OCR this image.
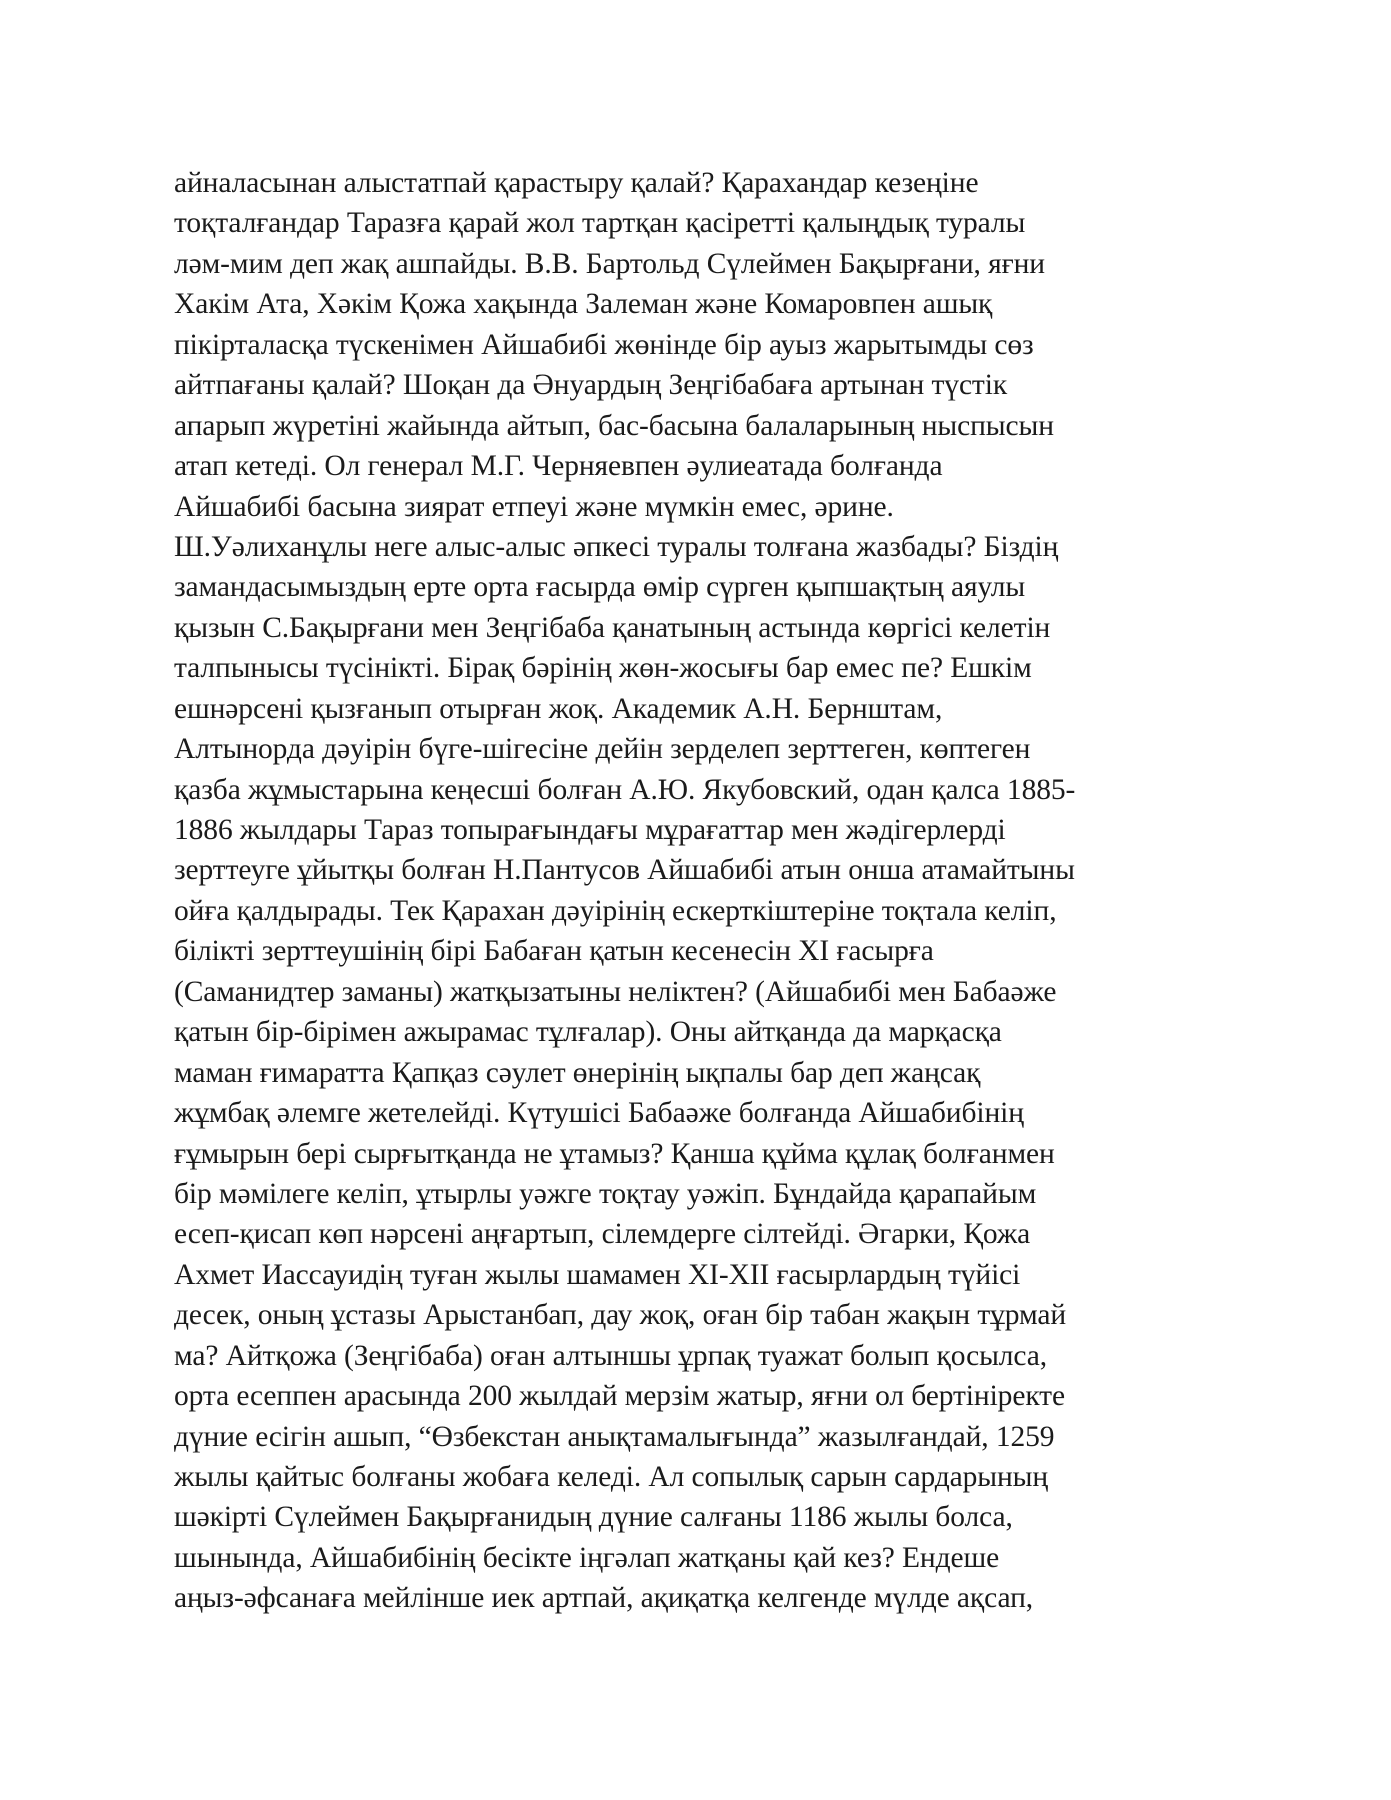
айналасынан алыстатпай қарастыру қалай? Қарахандар кезеңіне
тоқталғандар Таразға қарай жол тартқан қасіретті қалыңдық туралы
ләм-мим деп жақ ашпайды. В.В. Бартольд Сүлеймен Бақырғани, яғни
Хакім Ата, Хәкім Қожа хақында Залеман және Комаровпен ашық
пікірталасқа түскенімен Айшабибі жөнінде бір ауыз жарытымды сөз
айтпағаны қалай? Шоқан да Әнуардың Зеңгібабаға артынан түстік
апарып жүретіні жайында айтып, бас-басына балаларының ныспысын
атап кетеді. Ол генерал М.Г. Черняевпен әулиеатада болғанда
Айшабибі басына зиярат етпеуі және мүмкін емес, әрине.
Ш.Уәлиханұлы неге алыс-алыс әпкесі туралы толғана жазбады? Біздің
замандасымыздың ерте орта ғасырда өмір сүрген қыпшақтың аяулы
қызын С.Бақырғани мен Зеңгібаба қанатының астында көргісі келетін
талпынысы түсінікті. Бірақ бәрінің жөн-жосығы бар емес пе? Ешкім
ешнәрсені қызғанып отырған жоқ. Академик А.Н. Бернштам,
Алтынорда дәуірін бүге-шігесіне дейін зерделеп зерттеген, көптеген
қазба жұмыстарына кеңесші болған А.Ю. Якубовский, одан қалса 1885-
1886 жылдары Тараз топырағындағы мұрағаттар мен жәдігерлерді
зерттеуге ұйытқы болған Н.Пантусов Айшабибі атын онша атамайтыны
ойға қалдырады. Тек Қарахан дәуірінің ескерткіштеріне тоқтала келіп,
білікті зерттеушінің бірі Бабаған қатын кесенесін XI ғасырға
(Саманидтер заманы) жатқызатыны неліктен? (Айшабибі мен Бабаәже
қатын бір-бірімен ажырамас тұлғалар). Оны айтқанда да марқасқа
маман ғимаратта Қапқаз сәулет өнерінің ықпалы бар деп жаңсақ
жұмбақ әлемге жетелейді. Күтушісі Бабаәже болғанда Айшабибінің
ғұмырын бері сырғытқанда не ұтамыз? Қанша құйма құлақ болғанмен
бір мәмілеге келіп, ұтырлы уәжге тоқтау уәжіп. Бұндайда қарапайым
есеп-қисап көп нәрсені аңғартып, сілемдерге сілтейді. Әгарки, Қожа
Ахмет Иассауидің туған жылы шамамен XI-XII ғасырлардың түйісі
десек, оның ұстазы Арыстанбап, дау жоқ, оған бір табан жақын тұрмай
ма? Айтқожа (Зеңгібаба) оған алтыншы ұрпақ туажат болып қосылса,
орта есеппен арасында 200 жылдай мерзім жатыр, яғни ол бертініректе
дүние есігін ашып, “Өзбекстан анықтамалығында” жазылғандай, 1259
жылы қайтыс болғаны жобаға келеді. Ал сопылық сарын сардарының
шәкірті Сүлеймен Бақырғанидың дүние салғаны 1186 жылы болса,
шынында, Айшабибінің бесікте іңгәлап жатқаны қай кез? Ендеше
аңыз-әфсанаға мейлінше иек артпай, ақиқатқа келгенде мүлде ақсап,
